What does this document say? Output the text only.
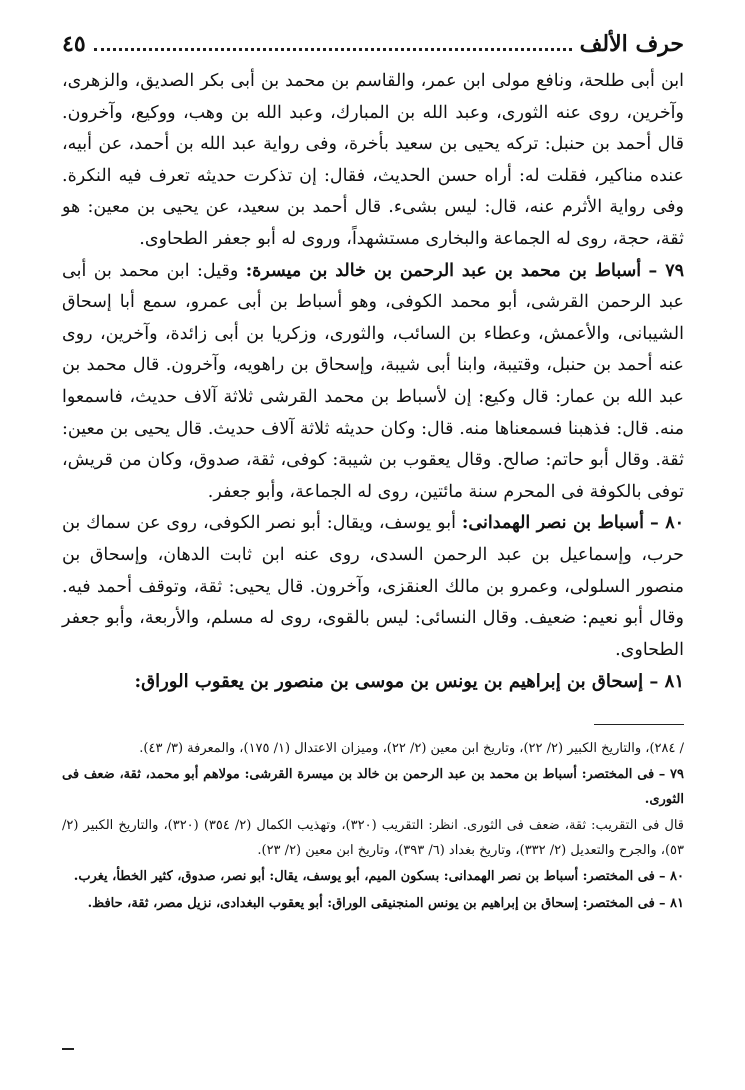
حرف الألف
٤٥

ابن أبى طلحة، ونافع مولى ابن عمر، والقاسم بن محمد بن أبى بكر الصديق، والزهرى، وآخرين، روى عنه الثورى، وعبد الله بن المبارك، وعبد الله بن وهب، ووكيع، وآخرون. قال أحمد بن حنبل: تركه يحيى بن سعيد بأخرة، وفى رواية عبد الله بن أحمد، عن أبيه، عنده مناكير، فقلت له: أراه حسن الحديث، فقال: إن تذكرت حديثه تعرف فيه النكرة. وفى رواية الأثرم عنه، قال: ليس بشىء. قال أحمد بن سعيد، عن يحيى بن معين: هو ثقة، حجة، روى له الجماعة والبخارى مستشهداً، وروى له أبو جعفر الطحاوى.

٧٩ – أسباط بن محمد بن عبد الرحمن بن خالد بن ميسرة: وقيل: ابن محمد بن أبى عبد الرحمن القرشى، أبو محمد الكوفى، وهو أسباط بن أبى عمرو، سمع أبا إسحاق الشيبانى، والأعمش، وعطاء بن السائب، والثورى، وزكريا بن أبى زائدة، وآخرين، روى عنه أحمد بن حنبل، وقتيبة، وابنا أبى شيبة، وإسحاق بن راهويه، وآخرون. قال محمد بن عبد الله بن عمار: قال وكيع: إن لأسباط بن محمد القرشى ثلاثة آلاف حديث، فاسمعوا منه. قال: فذهبنا فسمعناها منه. قال: وكان حديثه ثلاثة آلاف حديث. قال يحيى بن معين: ثقة. وقال أبو حاتم: صالح. وقال يعقوب بن شيبة: كوفى، ثقة، صدوق، وكان من قريش، توفى بالكوفة فى المحرم سنة مائتين، روى له الجماعة، وأبو جعفر.

٨٠ – أسباط بن نصر الهمدانى: أبو يوسف، ويقال: أبو نصر الكوفى، روى عن سماك بن حرب، وإسماعيل بن عبد الرحمن السدى، روى عنه ابن ثابت الدهان، وإسحاق بن منصور السلولى، وعمرو بن مالك العنقزى، وآخرون. قال يحيى: ثقة، وتوقف أحمد فيه. وقال أبو نعيم: ضعيف. وقال النسائى: ليس بالقوى، روى له مسلم، والأربعة، وأبو جعفر الطحاوى.

٨١ – إسحاق بن إبراهيم بن يونس بن موسى بن منصور بن يعقوب الوراق:

/ ٢٨٤)، والتاريخ الكبير (٢/ ٢٢)، وتاريخ ابن معين (٢/ ٢٢)، وميزان الاعتدال (١/ ١٧٥)، والمعرفة (٣/ ٤٣).

٧٩ – فى المختصر: أسباط بن محمد بن عبد الرحمن بن خالد بن ميسرة القرشى: مولاهم أبو محمد، ثقة، ضعف فى الثورى.

قال فى التقريب: ثقة، ضعف فى الثورى. انظر: التقريب (٣٢٠)، وتهذيب الكمال (٢/ ٣٥٤) (٣٢٠)، والتاريخ الكبير (٢/ ٥٣)، والجرح والتعديل (٢/ ٣٣٢)، وتاريخ بغداد (٦/ ٣٩٣)، وتاريخ ابن معين (٢/ ٢٣).

٨٠ – فى المختصر: أسباط بن نصر الهمدانى: بسكون الميم، أبو يوسف، يقال: أبو نصر، صدوق، كثير الخطأ، يغرب.

٨١ – فى المختصر: إسحاق بن إبراهيم بن يونس المنجنيقى الوراق: أبو يعقوب البغدادى، نزيل مصر، ثقة، حافظ.
